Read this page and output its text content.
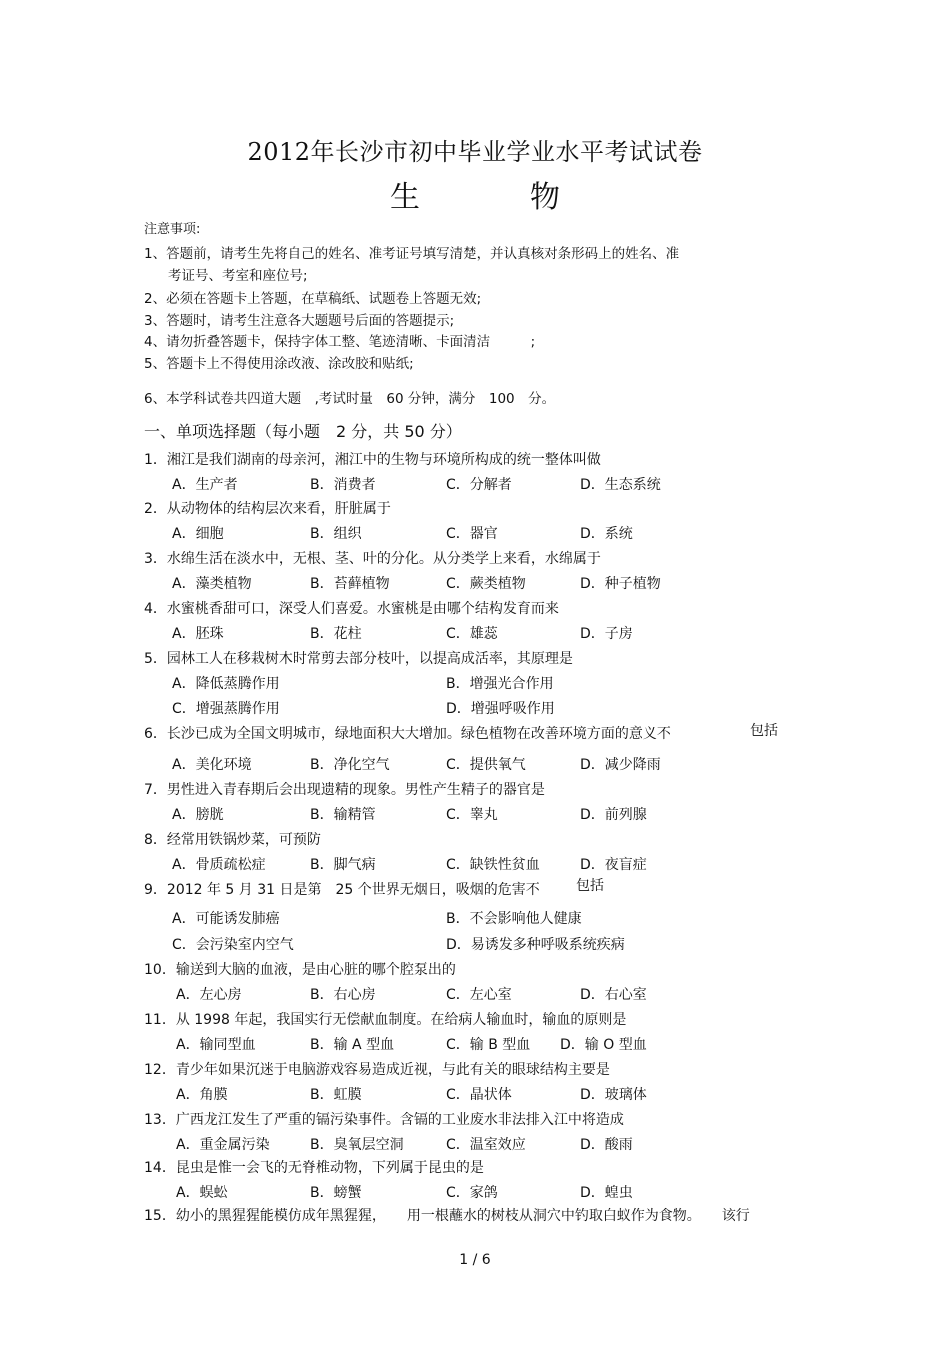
2012年长沙市初中毕业学业水平考试试卷
生　物
注意事项:
1、答题前，请考生先将自己的姓名、准考证号填写清楚，并认真核对条形码上的姓名、准
考证号、考室和座位号;
2、必须在答题卡上答题，在草稿纸、试题卷上答题无效;
3、答题时，请考生注意各大题题号后面的答题提示;
4、请勿折叠答题卡，保持字体工整、笔迹清晰、卡面清洁　　　;
5、答题卡上不得使用涂改液、涂改胶和贴纸;
6、本学科试卷共四道大题　,考试时量　60 分钟，满分　100　分。
一、单项选择题（每小题　2 分，共 50 分）
1．湘江是我们湖南的母亲河，湘江中的生物与环境所构成的统一整体叫做
A．生产者	B．消费者	C．分解者	D．生态系统
2．从动物体的结构层次来看，肝脏属于
A．细胞	B．组织	C．器官	D．系统
3．水绵生活在淡水中，无根、茎、叶的分化。从分类学上来看，水绵属于
A．藻类植物	B．苔藓植物	C．蕨类植物	D．种子植物
4．水蜜桃香甜可口，深受人们喜爱。水蜜桃是由哪个结构发育而来
A．胚珠	B．花柱	C．雄蕊	D．子房
5．园林工人在移栽树木时常剪去部分枝叶，以提高成活率，其原理是
A．降低蒸腾作用	B．增强光合作用
C．增强蒸腾作用	D．增强呼吸作用
6．长沙已成为全国文明城市，绿地面积大大增加。绿色植物在改善环境方面的意义不	包括
A．美化环境	B．净化空气	C．提供氧气	D．减少降雨
7．男性进入青春期后会出现遗精的现象。男性产生精子的器官是
A．膀胱	B．输精管	C．睾丸	D．前列腺
8．经常用铁锅炒菜，可预防
A．骨质疏松症	B．脚气病	C．缺铁性贫血	D．夜盲症
9．2012 年 5 月 31 日是第　25 个世界无烟日，吸烟的危害不	包括
A．可能诱发肺癌	B．不会影响他人健康
C．会污染室内空气	D．易诱发多种呼吸系统疾病
10．输送到大脑的血液，是由心脏的哪个腔泵出的
A．左心房	B．右心房	C．左心室	D．右心室
11．从 1998 年起，我国实行无偿献血制度。在给病人输血时，输血的原则是
A．输同型血	B．输 A 型血	C．输 B 型血 D．输 O 型血
12．青少年如果沉迷于电脑游戏容易造成近视，与此有关的眼球结构主要是
A．角膜	B．虹膜	C．晶状体	D．玻璃体
13．广西龙江发生了严重的镉污染事件。含镉的工业废水非法排入江中将造成
A．重金属污染	B．臭氧层空洞	C．温室效应	D．酸雨
14．昆虫是惟一会飞的无脊椎动物，下列属于昆虫的是
A．蜈蚣	B．螃蟹	C．家鸽	D．蝗虫
15．幼小的黑猩猩能模仿成年黑猩猩，　　用一根蘸水的树枝从洞穴中钓取白蚁作为食物。　　该行
1 / 6
